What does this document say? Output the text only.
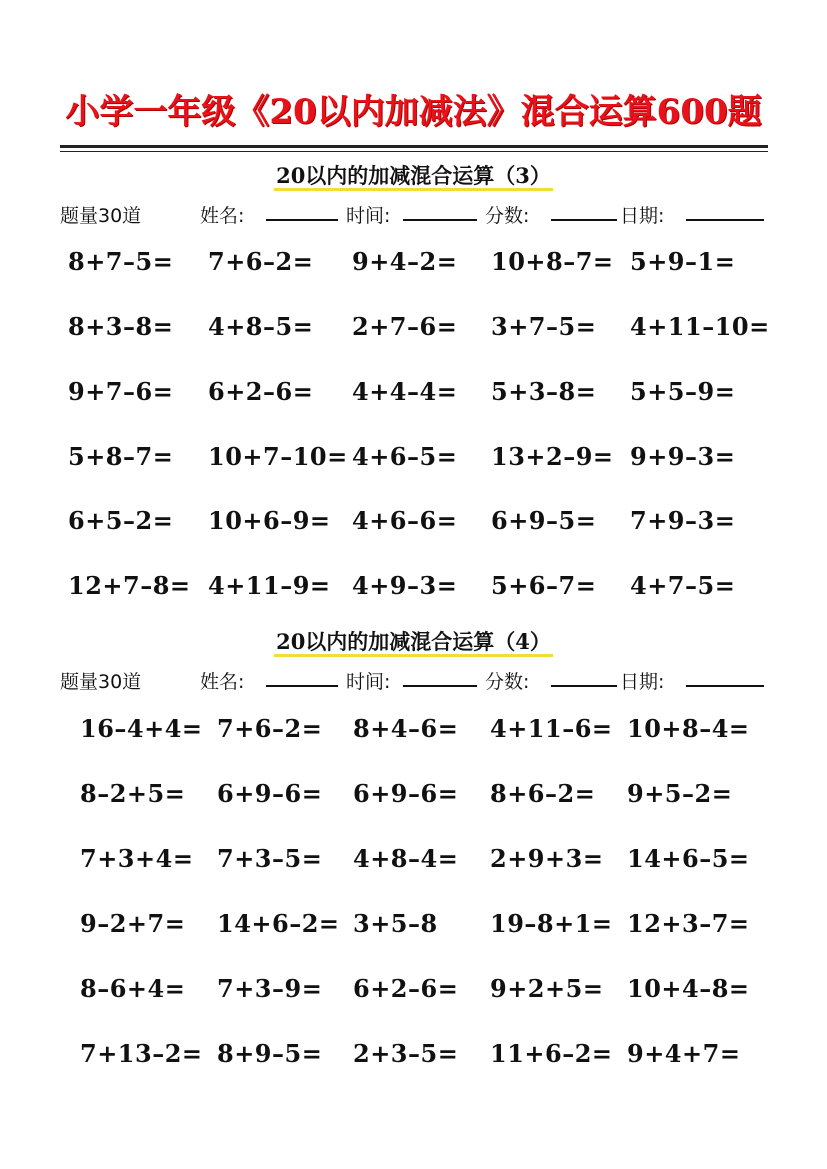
小学一年级《20以内加减法》混合运算600题
20以内的加减混合运算（3）
题量30道	姓名:	时间:	分数:	日期:
8+7–5= 7+6–2= 9+4–2= 10+8–7= 5+9–1=
8+3–8= 4+8–5= 2+7–6= 3+7–5= 4+11–10=
9+7–6= 6+2–6= 4+4–4= 5+3–8= 5+5–9=
5+8–7= 10+7–10= 4+6–5= 13+2–9= 9+9–3=
6+5–2= 10+6–9= 4+6–6= 6+9–5= 7+9–3=
12+7–8= 4+11–9= 4+9–3= 5+6–7= 4+7–5=
20以内的加减混合运算（4）
题量30道	姓名:	时间:	分数:	日期:
16–4+4= 7+6–2= 8+4–6= 4+11–6= 10+8–4=
8–2+5= 6+9–6= 6+9–6= 8+6–2= 9+5–2=
7+3+4= 7+3–5= 4+8–4= 2+9+3= 14+6–5=
9–2+7= 14+6–2= 3+5–8 19–8+1= 12+3–7=
8–6+4= 7+3–9= 6+2–6= 9+2+5= 10+4–8=
7+13–2= 8+9–5= 2+3–5= 11+6–2= 9+4+7=
